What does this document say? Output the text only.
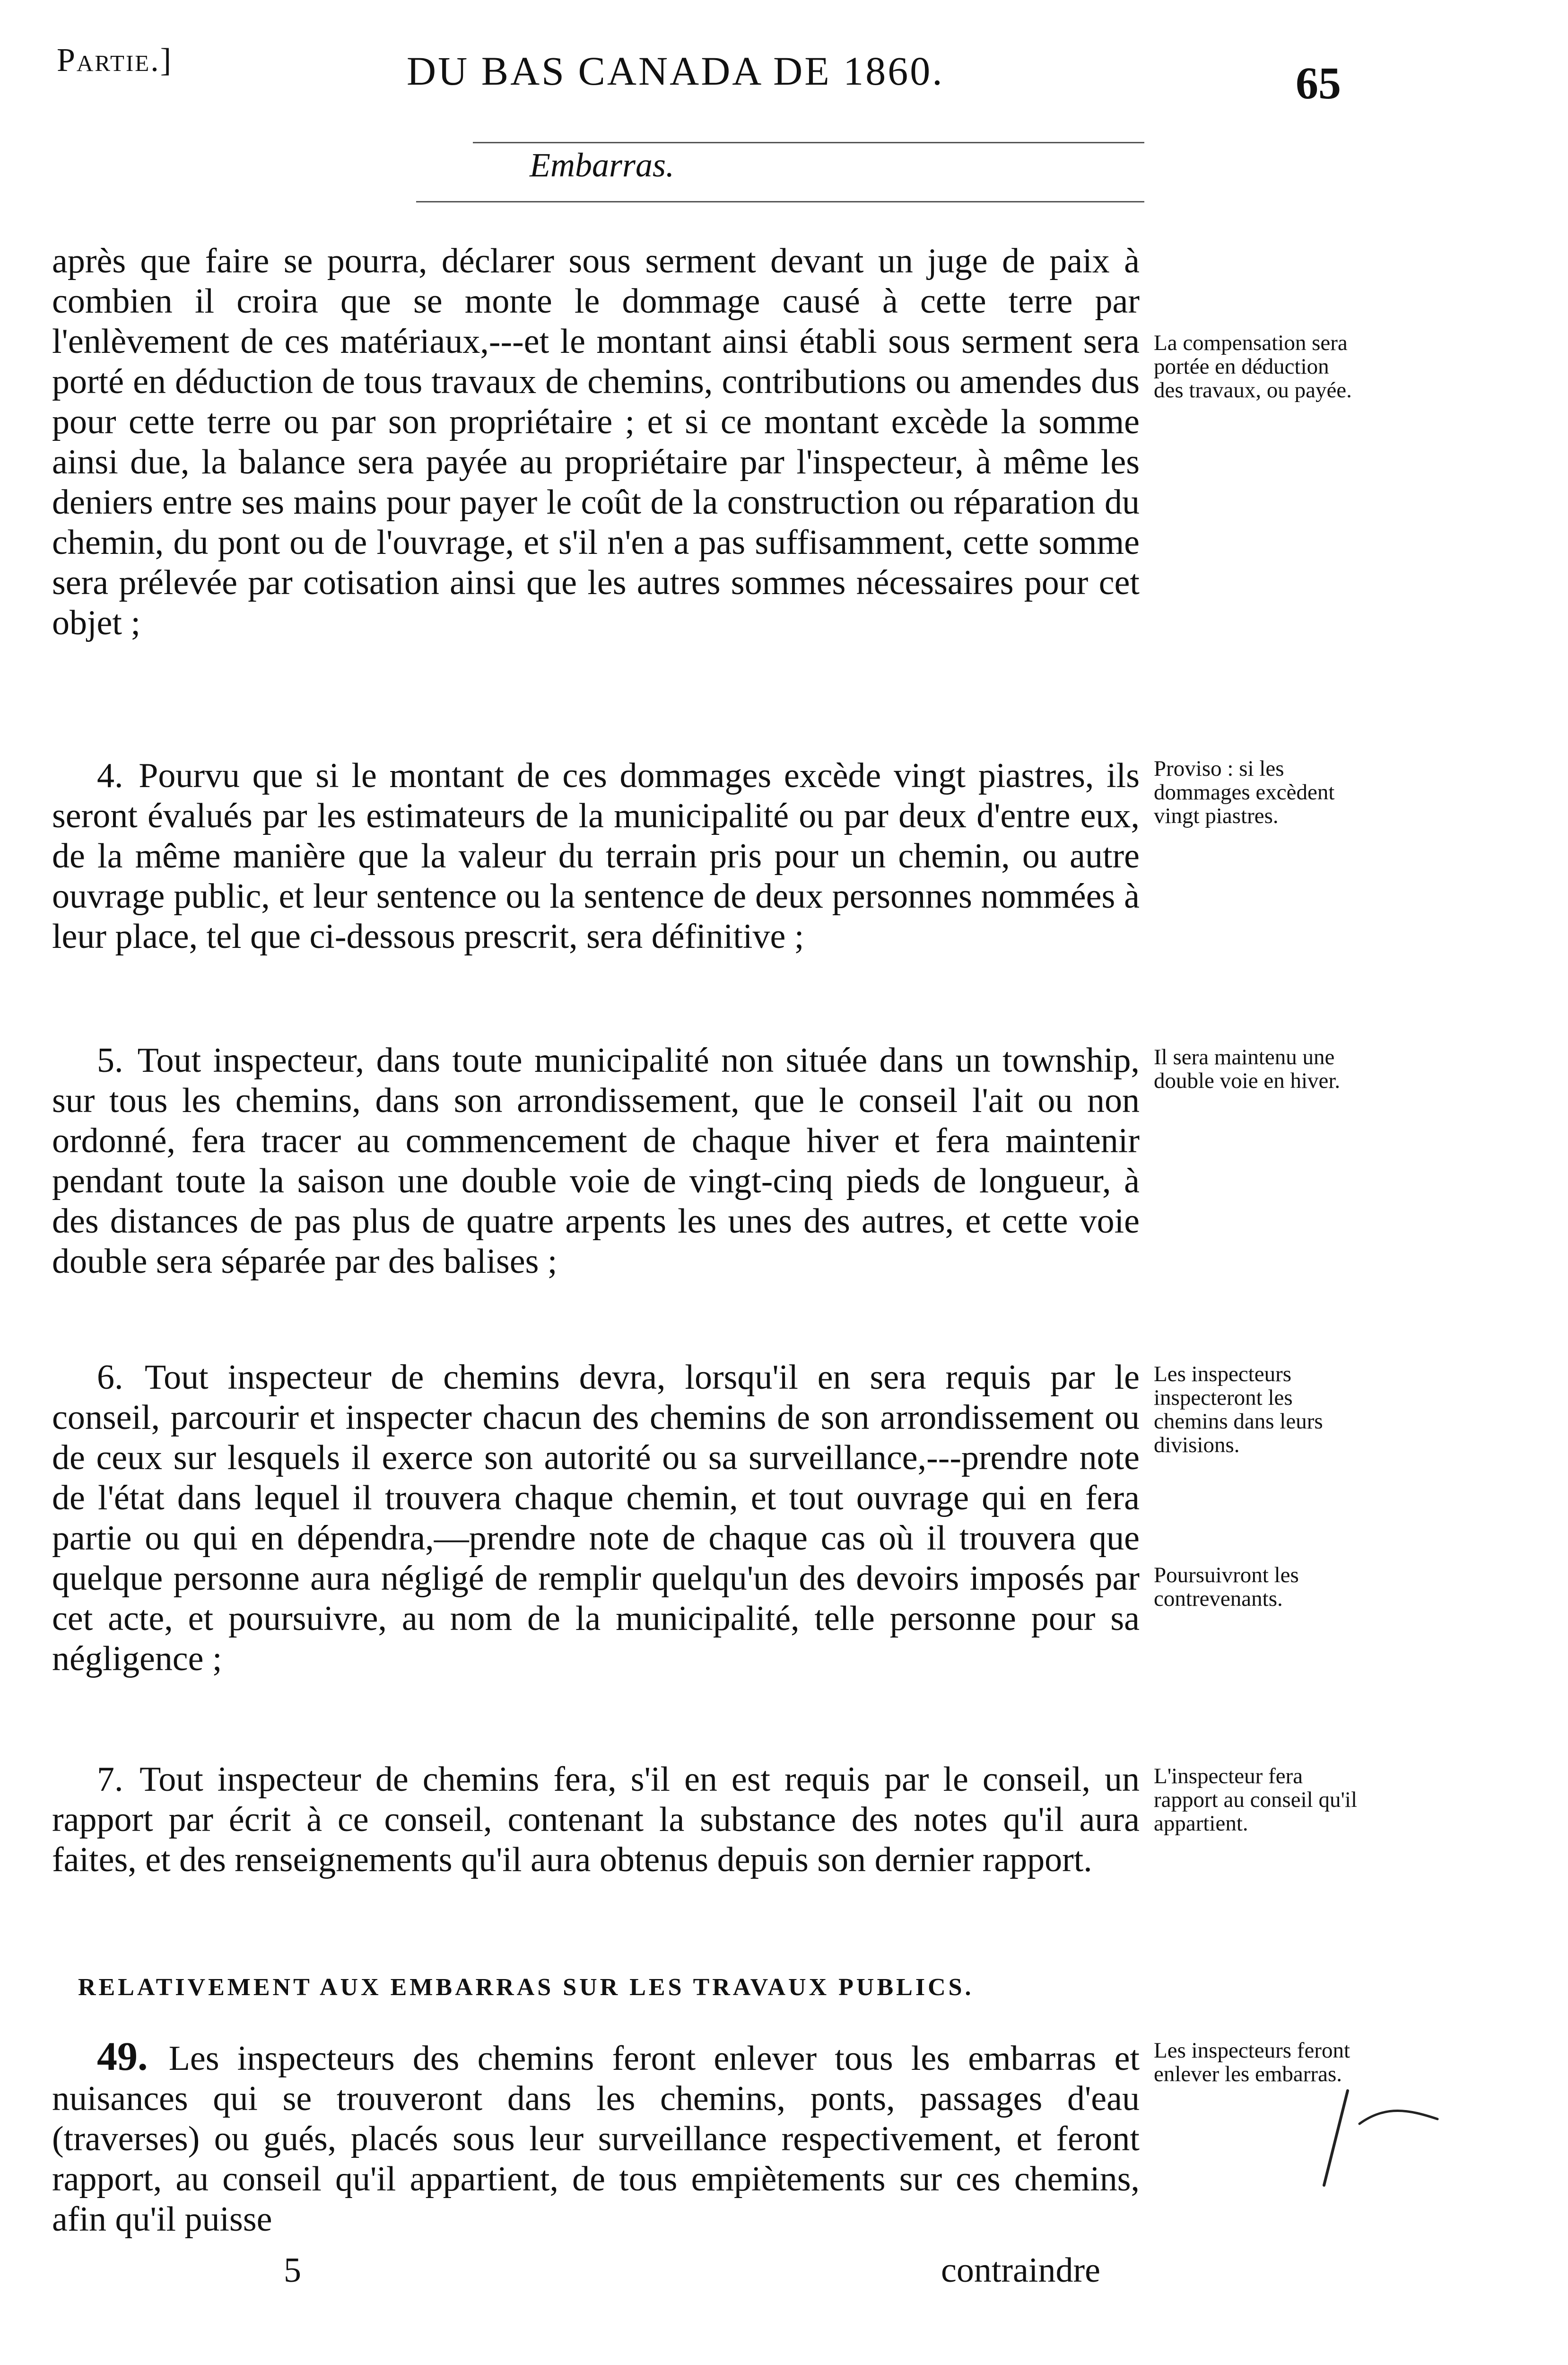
Partie.]	DU BAS CANADA DE 1860.	65
Embarras.

après que faire se pourra, déclarer sous serment devant un juge de paix à combien il croira que se monte le dommage causé à cette terre par l'enlèvement de ces matériaux,---et le montant ainsi établi sous serment sera porté en déduction de tous travaux de chemins, contributions ou amendes dus pour cette terre ou par son propriétaire ; et si ce montant excède la somme ainsi due, la balance sera payée au propriétaire par l'inspecteur, à même les deniers entre ses mains pour payer le coût de la construction ou réparation du chemin, du pont ou de l'ouvrage, et s'il n'en a pas suffisamment, cette somme sera prélevée par cotisation ainsi que les autres sommes nécessaires pour cet objet ;

4. Pourvu que si le montant de ces dommages excède vingt piastres, ils seront évalués par les estimateurs de la municipalité ou par deux d'entre eux, de la même manière que la valeur du terrain pris pour un chemin, ou autre ouvrage public, et leur sentence ou la sentence de deux personnes nommées à leur place, tel que ci-dessous prescrit, sera définitive ;

5. Tout inspecteur, dans toute municipalité non située dans un township, sur tous les chemins, dans son arrondissement, que le conseil l'ait ou non ordonné, fera tracer au commencement de chaque hiver et fera maintenir pendant toute la saison une double voie de vingt-cinq pieds de longueur, à des distances de pas plus de quatre arpents les unes des autres, et cette voie double sera séparée par des balises ;

6. Tout inspecteur de chemins devra, lorsqu'il en sera requis par le conseil, parcourir et inspecter chacun des chemins de son arrondissement ou de ceux sur lesquels il exerce son autorité ou sa surveillance,---prendre note de l'état dans lequel il trouvera chaque chemin, et tout ouvrage qui en fera partie ou qui en dépendra,—prendre note de chaque cas où il trouvera que quelque personne aura négligé de remplir quelqu'un des devoirs imposés par cet acte, et poursuivre, au nom de la municipalité, telle personne pour sa négligence ;

7. Tout inspecteur de chemins fera, s'il en est requis par le conseil, un rapport par écrit à ce conseil, contenant la substance des notes qu'il aura faites, et des renseignements qu'il aura obtenus depuis son dernier rapport.

RELATIVEMENT AUX EMBARRAS SUR LES TRAVAUX PUBLICS.

49. Les inspecteurs des chemins feront enlever tous les embarras et nuisances qui se trouveront dans les chemins, ponts, passages d'eau (traverses) ou gués, placés sous leur surveillance respectivement, et feront rapport, au conseil qu'il appartient, de tous empiètements sur ces chemins, afin qu'il puisse

5	contraindre
La compensation sera portée en déduction des travaux, ou payée.
Proviso : si les dommages excèdent vingt piastres.
Il sera maintenu une double voie en hiver.
Les inspecteurs inspecteront les chemins dans leurs divisions.
Poursuivront les contrevenants.
L'inspecteur fera rapport au conseil qu'il appartient.
Les inspecteurs feront enlever les embarras.
